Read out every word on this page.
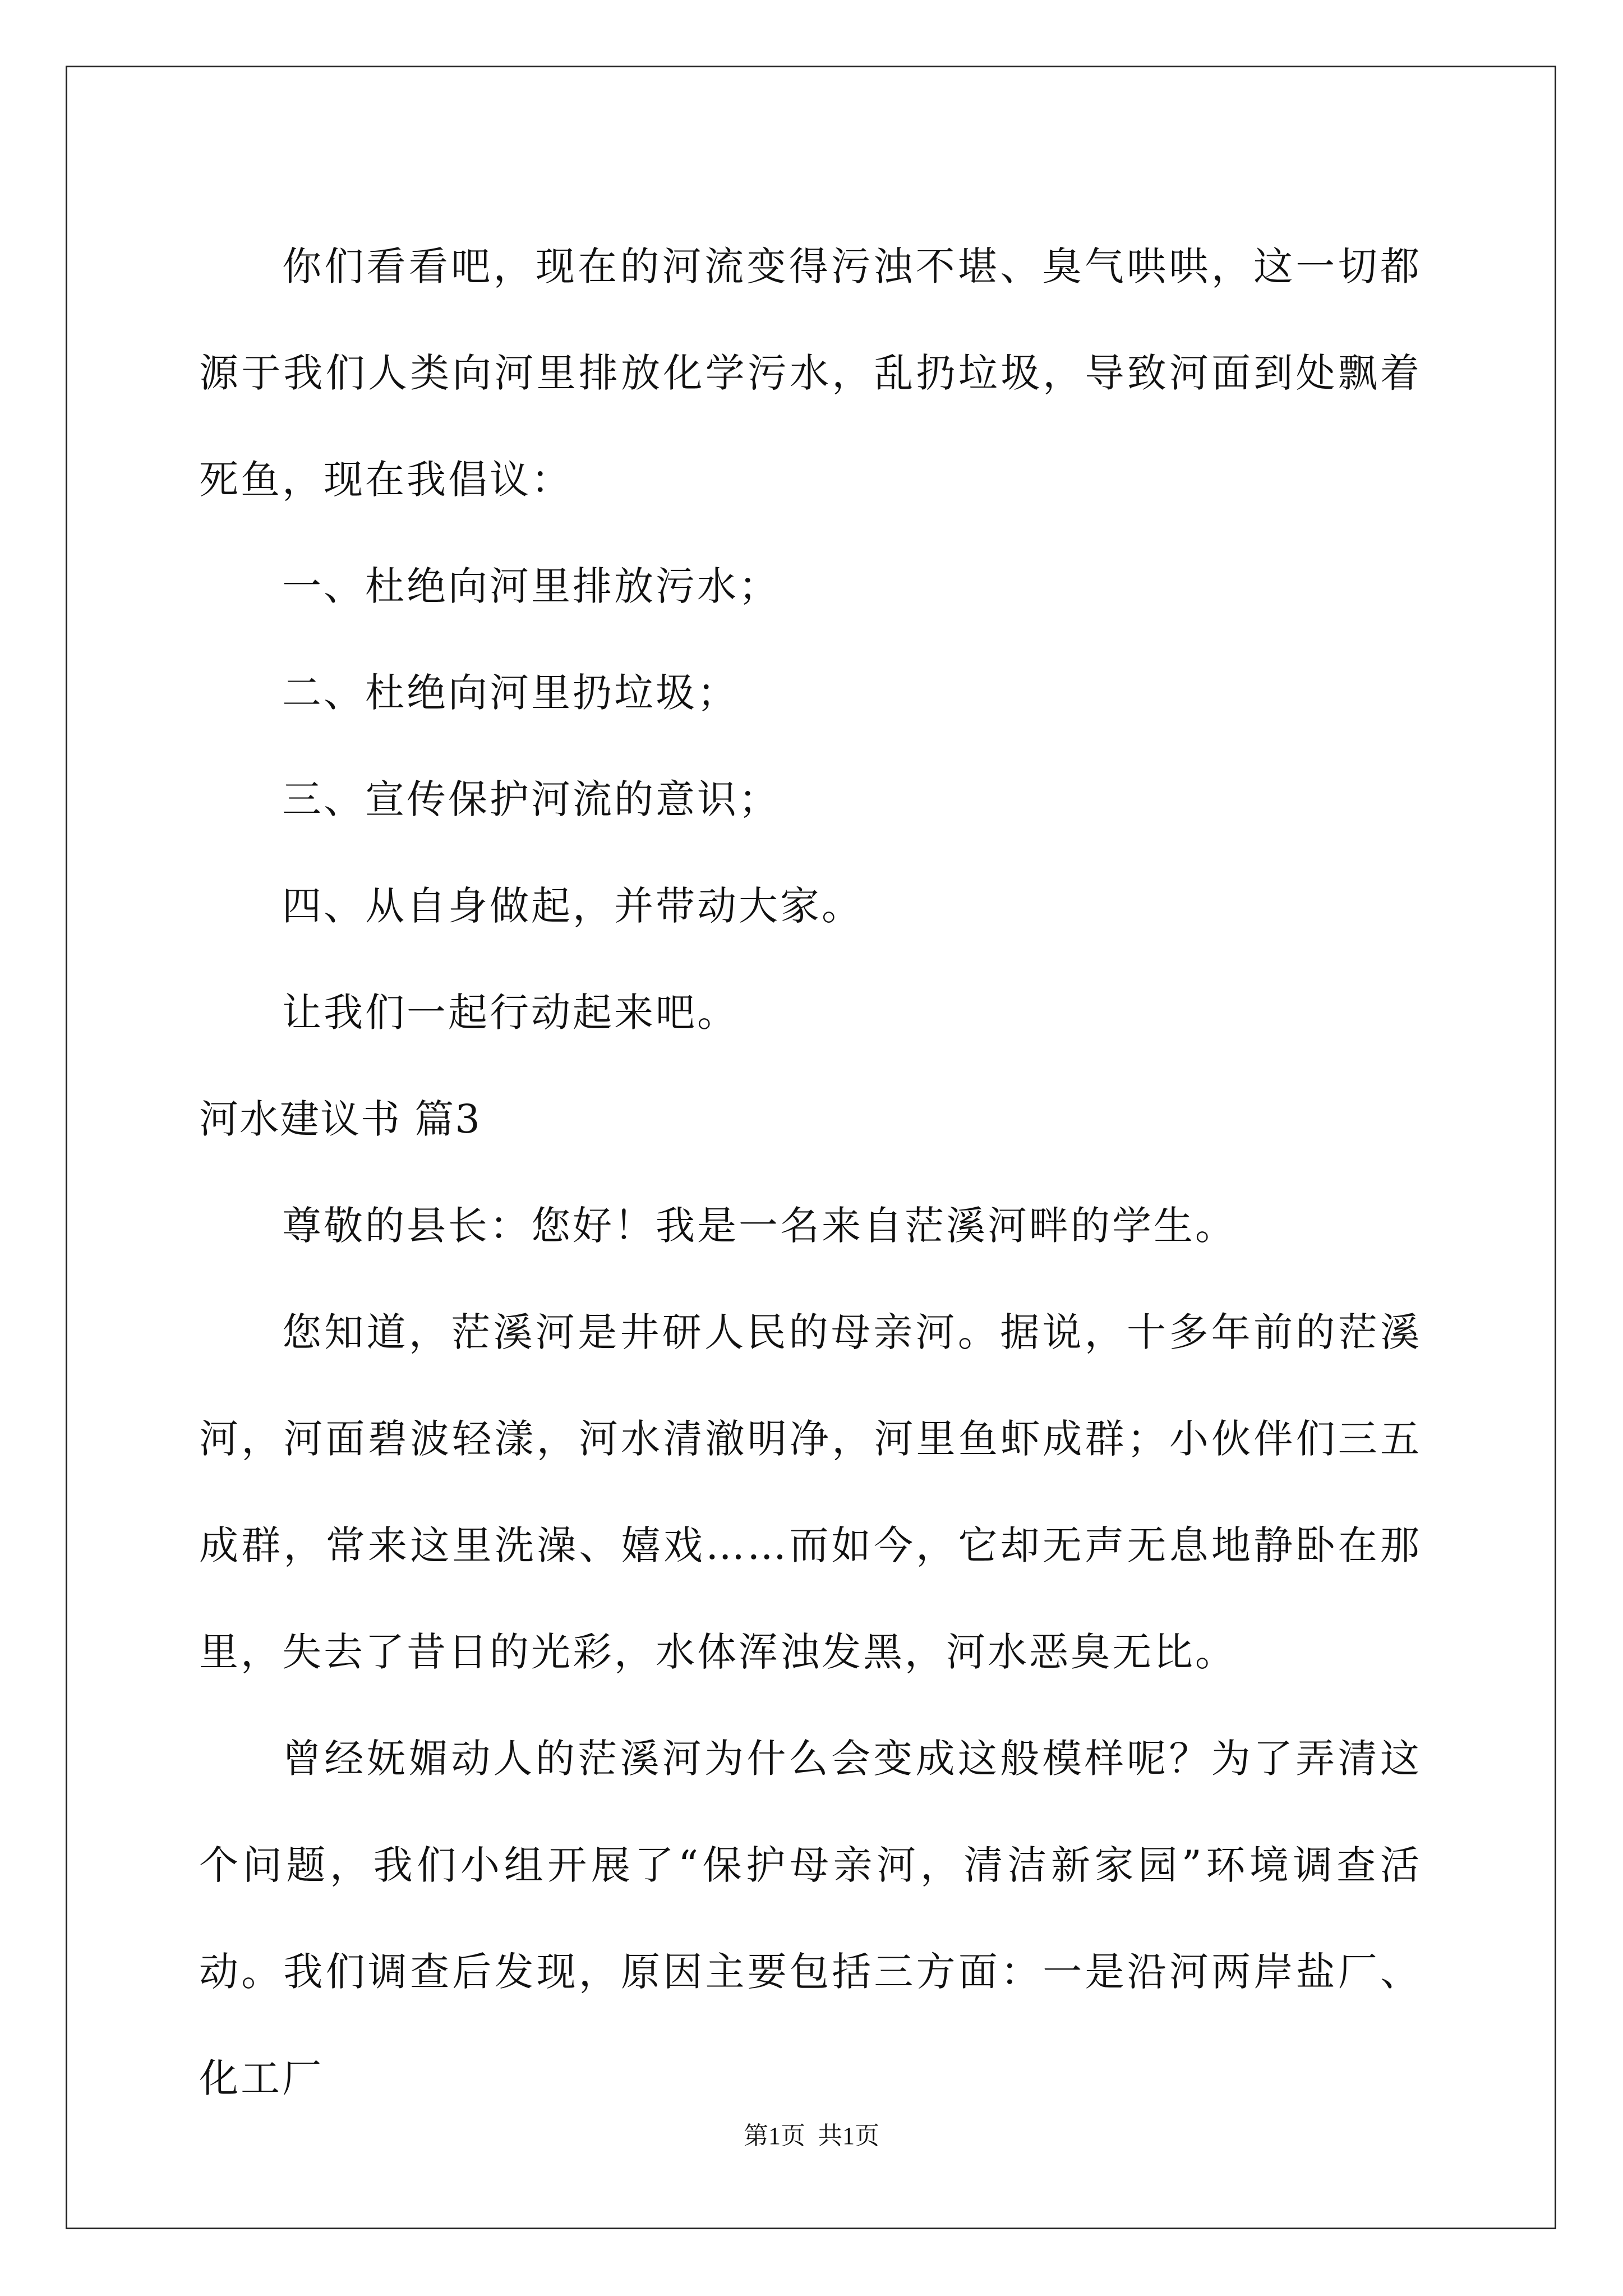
你们看看吧，现在的河流变得污浊不堪、臭气哄哄，这一切都源于我们人类向河里排放化学污水，乱扔垃圾，导致河面到处飘着死鱼，现在我倡议：

一、杜绝向河里排放污水；

二、杜绝向河里扔垃圾；

三、宣传保护河流的意识；

四、从自身做起，并带动大家。

让我们一起行动起来吧。

河水建议书 篇3

尊敬的县长：您好！我是一名来自茫溪河畔的学生。

您知道，茫溪河是井研人民的母亲河。据说，十多年前的茫溪河，河面碧波轻漾，河水清澈明净，河里鱼虾成群；小伙伴们三五成群，常来这里洗澡、嬉戏……而如今，它却无声无息地静卧在那里，失去了昔日的光彩，水体浑浊发黑，河水恶臭无比。

曾经妩媚动人的茫溪河为什么会变成这般模样呢？为了弄清这个问题，我们小组开展了“保护母亲河，清洁新家园”环境调查活动。我们调查后发现，原因主要包括三方面：一是沿河两岸盐厂、化工厂

第1页  共1页
